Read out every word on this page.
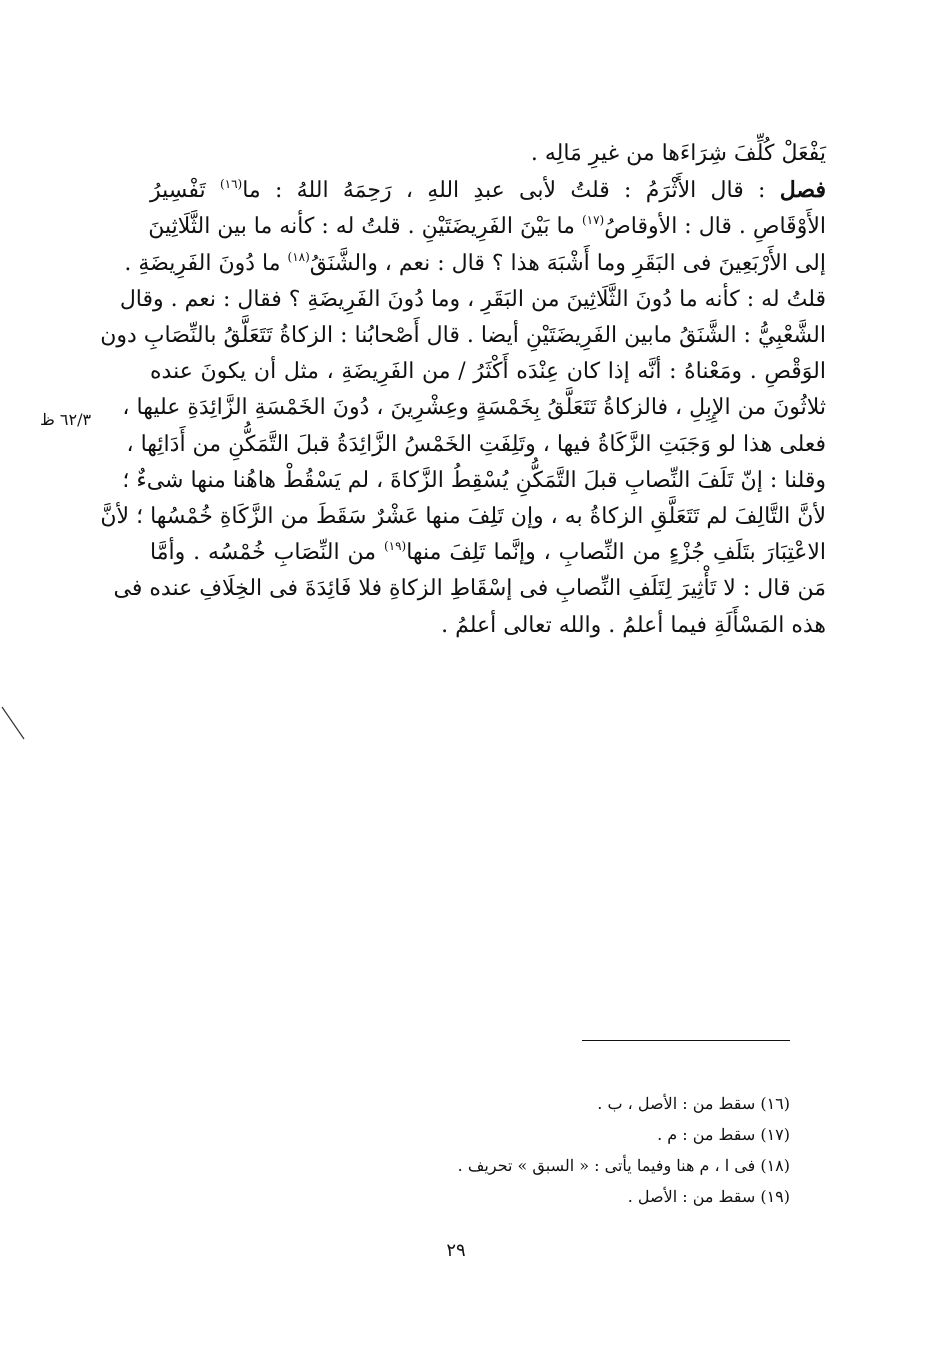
يَفْعَلْ كُلِّفَ شِرَاءَها من غيرِ مَالِه .
فصل : قال الأَثْرَمُ : قلتُ لأبى عبدِ اللهِ ، رَحِمَهُ اللهُ : ما$^{(١٦)}$ تَفْسِيرُ
الأَوْقَاصِ . قال : الأوقاصُ$^{(١٧)}$ ما بَيْنَ الفَرِيضَتَيْنِ . قلتُ له : كأنه ما بين الثَّلَاثِينَ
إلى الأَرْبَعِينَ فى البَقَرِ وما أَشْبَهَ هذا ؟ قال : نعم ، والشَّنَقُ$^{(١٨)}$ ما دُونَ الفَرِيضَةِ .
قلتُ له : كأنه ما دُونَ الثَّلَاثِينَ من البَقَرِ ، وما دُونَ الفَرِيضَةِ ؟ فقال : نعم . وقال
الشَّعْبِيُّ : الشَّنَقُ مابين الفَرِيضَتَيْنِ أيضا . قال أَصْحابُنا : الزكاةُ تَتَعَلَّقُ بالنِّصَابِ دون
الوَقْصِ . ومَعْناهُ : أنَّه إذا كان عِنْدَه أَكْثَرُ / من الفَرِيضَةِ ، مثل أن يكونَ عنده
ثلاثُونَ من الإِبِلِ ، فالزكاةُ تَتَعَلَّقُ بِخَمْسَةٍ وعِشْرِينَ ، دُونَ الخَمْسَةِ الزَّائِدَةِ عليها ،
فعلى هذا لو وَجَبَتِ الزَّكَاةُ فيها ، وتَلِفَتِ الخَمْسُ الزَّائِدَةُ قبلَ التَّمَكُّنِ من أَدَائِها ،
وقلنا : إنّ تَلَفَ النِّصابِ قبلَ التَّمَكُّنِ يُسْقِطُ الزَّكاةَ ، لم يَسْقُطْ هاهُنا منها شىءٌ ؛
لأنَّ التَّالِفَ لم تَتَعَلَّقِ الزكاةُ به ، وإن تَلِفَ منها عَشْرٌ سَقَطَ من الزَّكَاةِ خُمْسُها ؛ لأنَّ
الاعْتِبَارَ بتَلَفِ جُزْءٍ من النِّصابِ ، وإنَّما تَلِفَ منها$^{(١٩)}$ من النِّصَابِ خُمْسُه . وأمَّا
مَن قال : لا تَأْثِيرَ لِتَلَفِ النِّصابِ فى إسْقَاطِ الزكاةِ فلا فَائِدَةَ فى الخِلَافِ عنده فى
هذه المَسْأَلَةِ فيما أعلمُ . والله تعالى أعلمُ .
٦٢/٣ ظ
(١٦) سقط من : الأصل ، ب .
(١٧) سقط من : م .
(١٨) فى ا ، م هنا وفيما يأتى : « السبق » تحريف .
(١٩) سقط من : الأصل .
٢٩
